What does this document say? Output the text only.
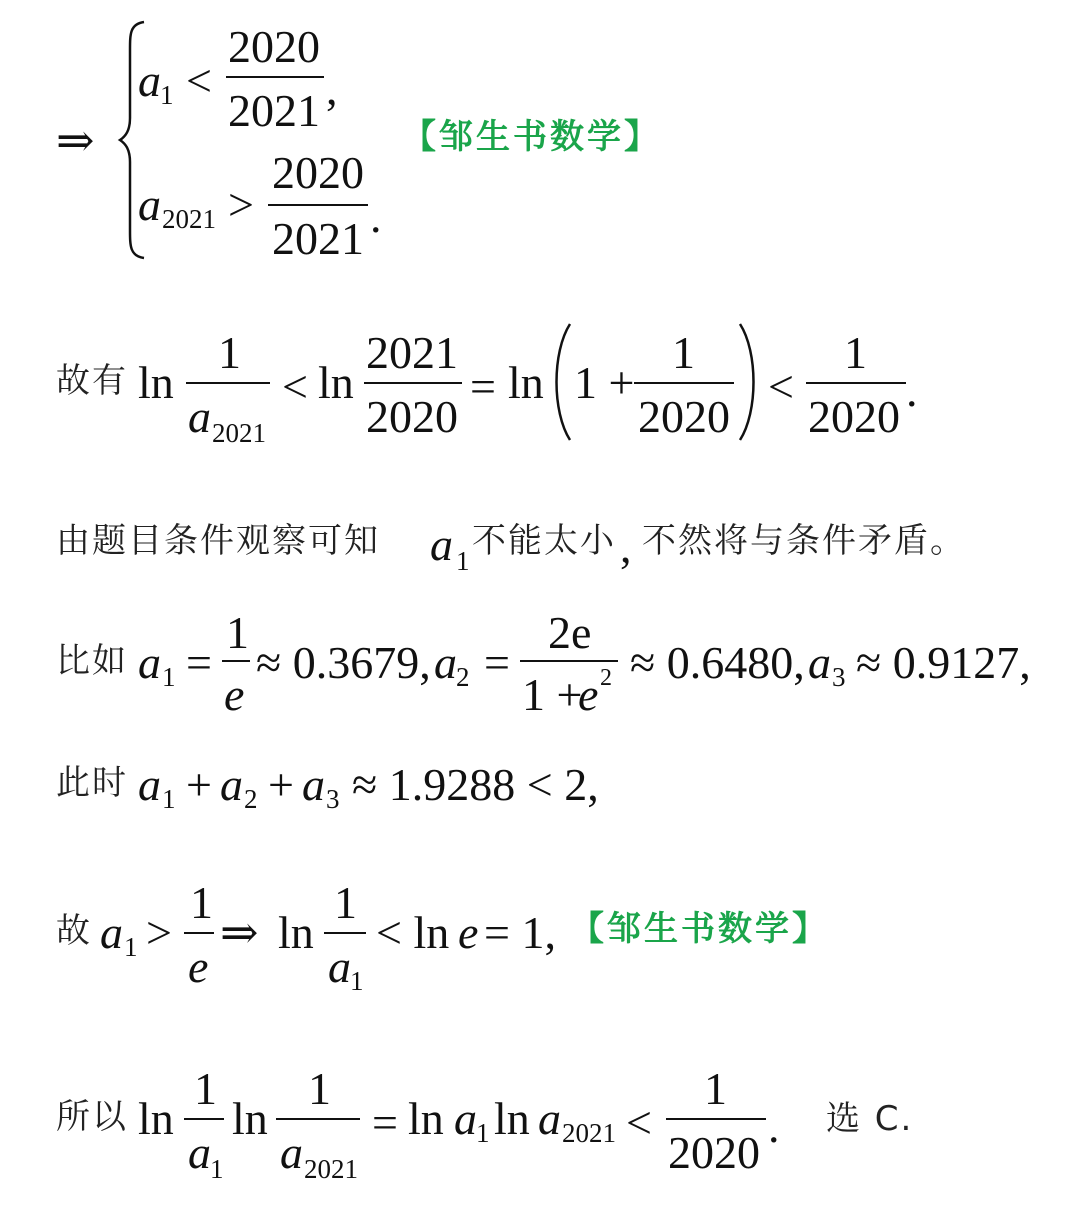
⇒
a 1 <
2020
2021 ,
a 2021 >
2020
2021 .
【邹生书数学】
故有 ln
1
a 2021
< ln
2021
2020
= ln 1 +
1
2020
<
1
2020
.
由题目条件观察可知 a 1 不能太小 , 不然将与条件矛盾。
比如 a 1 =
1
e
≈ 0.3679, a 2 =
2e
1 +
e 2 ≈ 0.6480, a 3 ≈ 0.9127,
此时 a 1 + a 2 + a 3 ≈ 1.9288 < 2,
故 a 1 >
1
e
⇒ ln
1
a 1
< ln e = 1, 【邹生书数学】
所以 ln
1
a 1
ln
1
a 2021
= ln a 1 ln a 2021 <
1
2020
. 选 C.
